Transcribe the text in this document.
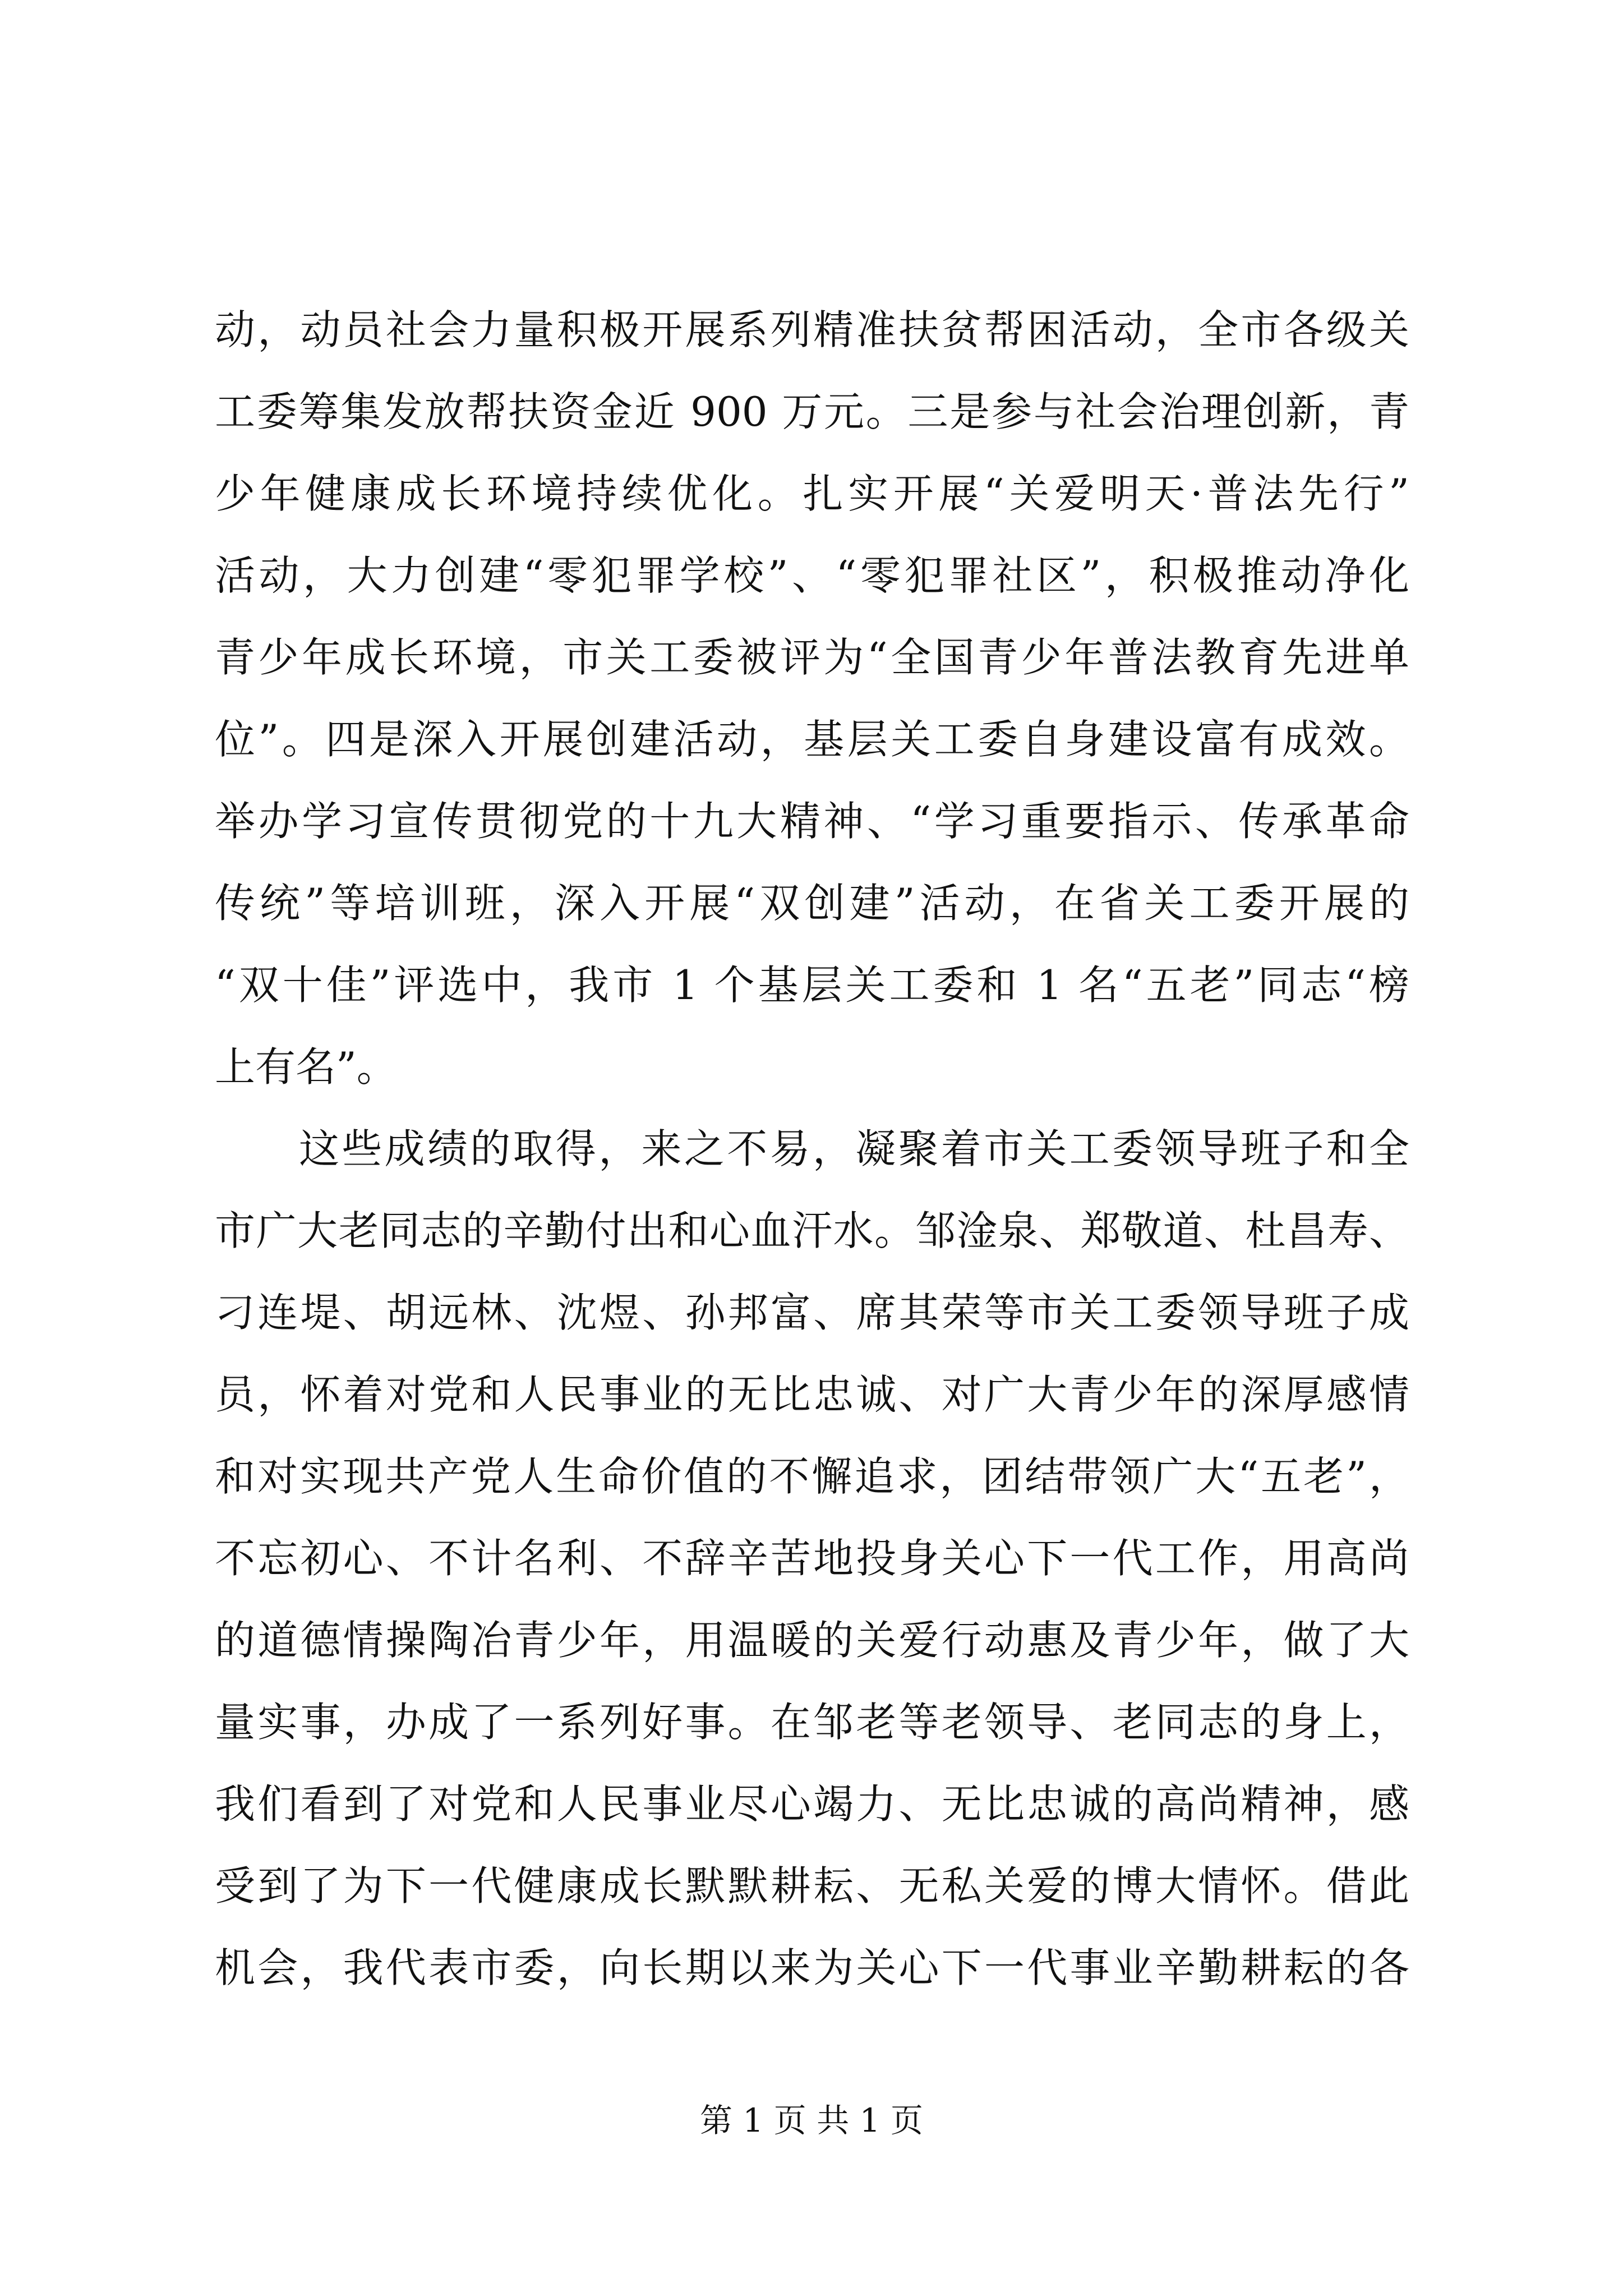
动，动员社会力量积极开展系列精准扶贫帮困活动，全市各级关
工委筹集发放帮扶资金近 900 万元。三是参与社会治理创新，青
少年健康成长环境持续优化。扎实开展“关爱明天·普法先行”
活动，大力创建“零犯罪学校”、“零犯罪社区”，积极推动净化
青少年成长环境，市关工委被评为“全国青少年普法教育先进单
位”。四是深入开展创建活动，基层关工委自身建设富有成效。
举办学习宣传贯彻党的十九大精神、“学习重要指示、传承革命
传统”等培训班，深入开展“双创建”活动，在省关工委开展的
“双十佳”评选中，我市 1 个基层关工委和 1 名“五老”同志“榜
上有名”。
这些成绩的取得，来之不易，凝聚着市关工委领导班子和全
市广大老同志的辛勤付出和心血汗水。邹淦泉、郑敬道、杜昌寿、
刁连堤、胡远林、沈煜、孙邦富、席其荣等市关工委领导班子成
员，怀着对党和人民事业的无比忠诚、对广大青少年的深厚感情
和对实现共产党人生命价值的不懈追求，团结带领广大“五老”，
不忘初心、不计名利、不辞辛苦地投身关心下一代工作，用高尚
的道德情操陶冶青少年，用温暖的关爱行动惠及青少年，做了大
量实事，办成了一系列好事。在邹老等老领导、老同志的身上，
我们看到了对党和人民事业尽心竭力、无比忠诚的高尚精神，感
受到了为下一代健康成长默默耕耘、无私关爱的博大情怀。借此
机会，我代表市委，向长期以来为关心下一代事业辛勤耕耘的各
第 1 页 共 1 页
